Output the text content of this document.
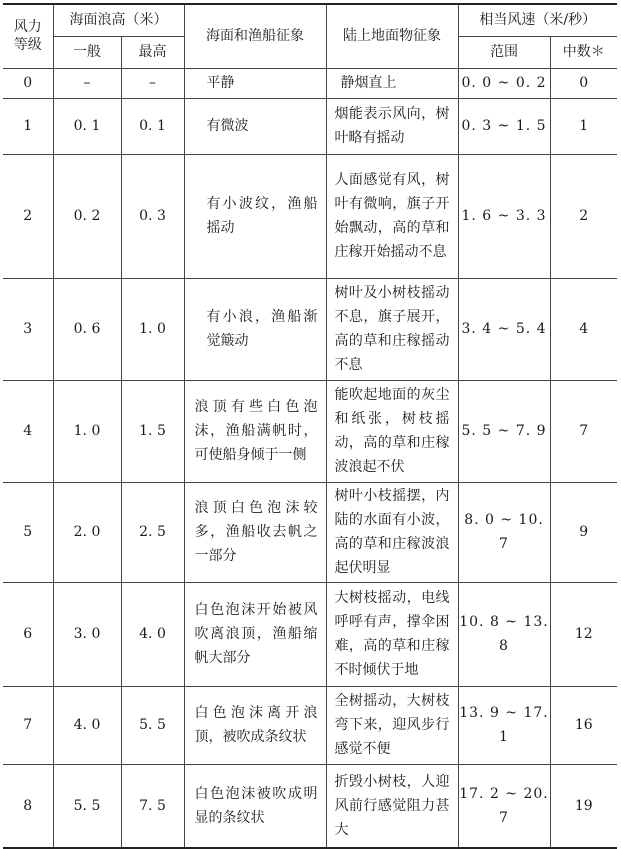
风力等级	海面浪高（米）		海面和渔船征象	陆上地面物征象	相当风速（米/秒）	
	一般	最高			范围	中数＊
0	–	–	平静	静烟直上	0. 0 ~ 0. 2	0
1	0. 1	0. 1	有微波	烟能表示风向，树叶略有摇动	0. 3 ~ 1. 5	1
2	0. 2	0. 3	有小波纹，渔船摇动	人面感觉有风，树叶有微响，旗子开始飘动，高的草和庄稼开始摇动不息	1. 6 ~ 3. 3	2
3	0. 6	1. 0	有小浪，渔船渐觉簸动	树叶及小树枝摇动不息，旗子展开，高的草和庄稼摇动不息	3. 4 ~ 5. 4	4
4	1. 0	1. 5	浪顶有些白色泡沫，渔船满帆时，可使船身倾于一侧	能吹起地面的灰尘和纸张，树枝摇动，高的草和庄稼波浪起不伏	5. 5 ~ 7. 9	7
5	2. 0	2. 5	浪顶白色泡沫较多，渔船收去帆之一部分	树叶小枝摇摆，内陆的水面有小波，高的草和庄稼波浪起伏明显	8. 0 ~ 10. 7	9
6	3. 0	4. 0	白色泡沫开始被风吹离浪顶，渔船缩帆大部分	大树枝摇动，电线呼呼有声，撑伞困难，高的草和庄稼不时倾伏于地	10. 8 ~ 13. 8	12
7	4. 0	5. 5	白色泡沫离开浪顶，被吹成条纹状	全树摇动，大树枝弯下来，迎风步行感觉不便	13. 9 ~ 17. 1	16
8	5. 5	7. 5	白色泡沫被吹成明显的条纹状	折毁小树枝，人迎风前行感觉阻力甚大	17. 2 ~ 20. 7	19
